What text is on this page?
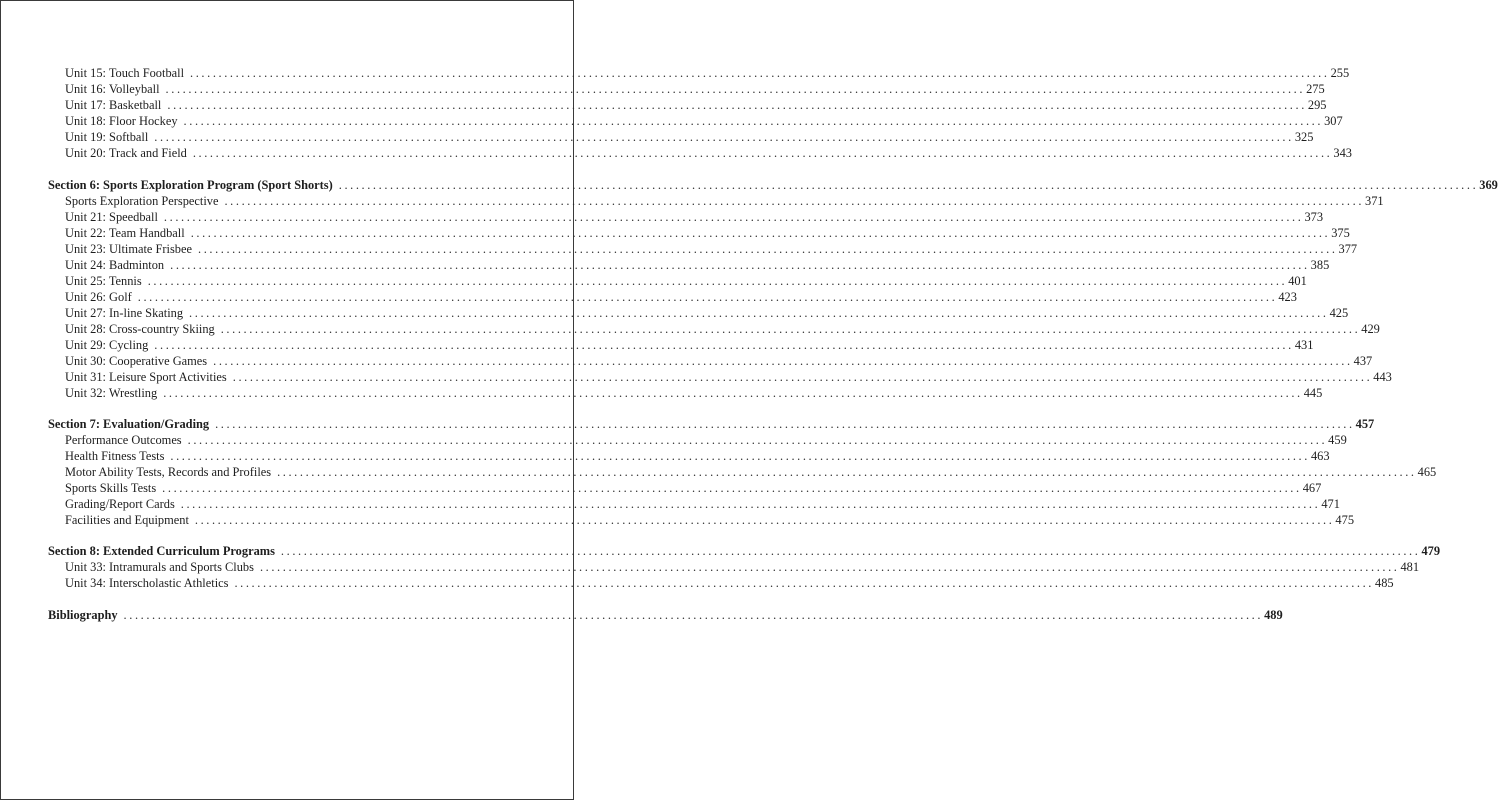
Unit 15: Touch Football ........................................................................................................................................................................................................ 255
Unit 16: Volleyball ........................................................................................................................................................................................................ 275
Unit 17: Basketball ........................................................................................................................................................................................................ 295
Unit 18: Floor Hockey ........................................................................................................................................................................................................ 307
Unit 19: Softball ........................................................................................................................................................................................................ 325
Unit 20: Track and Field ........................................................................................................................................................................................................ 343
Section 6: Sports Exploration Program (Sport Shorts) ........................................................................................................................................................................................................ 369
Sports Exploration Perspective ........................................................................................................................................................................................................ 371
Unit 21: Speedball ........................................................................................................................................................................................................ 373
Unit 22: Team Handball ........................................................................................................................................................................................................ 375
Unit 23: Ultimate Frisbee ........................................................................................................................................................................................................ 377
Unit 24: Badminton ........................................................................................................................................................................................................ 385
Unit 25: Tennis ........................................................................................................................................................................................................ 401
Unit 26: Golf ........................................................................................................................................................................................................ 423
Unit 27: In-line Skating ........................................................................................................................................................................................................ 425
Unit 28: Cross-country Skiing ........................................................................................................................................................................................................ 429
Unit 29: Cycling ........................................................................................................................................................................................................ 431
Unit 30: Cooperative Games ........................................................................................................................................................................................................ 437
Unit 31: Leisure Sport Activities ........................................................................................................................................................................................................ 443
Unit 32: Wrestling ........................................................................................................................................................................................................ 445
Section 7: Evaluation/Grading ........................................................................................................................................................................................................ 457
Performance Outcomes ........................................................................................................................................................................................................ 459
Health Fitness Tests ........................................................................................................................................................................................................ 463
Motor Ability Tests, Records and Profiles ........................................................................................................................................................................................................ 465
Sports Skills Tests ........................................................................................................................................................................................................ 467
Grading/Report Cards ........................................................................................................................................................................................................ 471
Facilities and Equipment ........................................................................................................................................................................................................ 475
Section 8: Extended Curriculum Programs ........................................................................................................................................................................................................ 479
Unit 33: Intramurals and Sports Clubs ........................................................................................................................................................................................................ 481
Unit 34: Interscholastic Athletics ........................................................................................................................................................................................................ 485
Bibliography ........................................................................................................................................................................................................ 489
